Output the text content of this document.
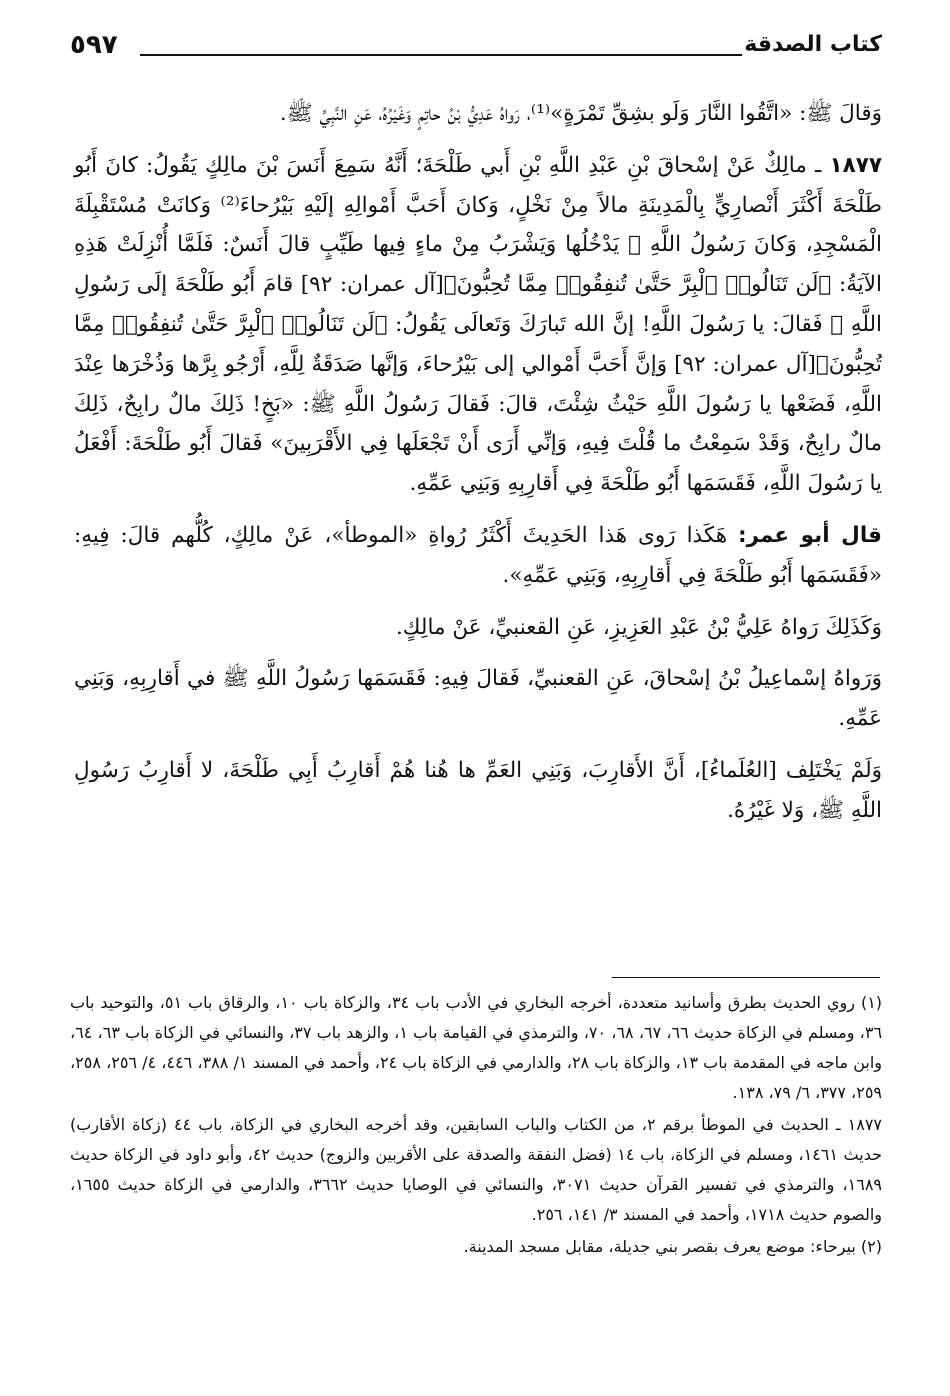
كتاب الصدقة
٥٩٧

وَقالَ ﷺ: «اتَّقُوا النَّارَ وَلَو بشِقِّ تَمْرَةٍ»⁽¹⁾، رَواهُ عَدِيُّ بْنُ حاتِمٍ وَغَيْرُهُ، عَنِ النَّبِيِّ ﷺ.

١٨٧٧ ـ مالِكٌ عَنْ إسْحاقَ بْنِ عَبْدِ اللَّهِ بْنِ أَبي طَلْحَةَ؛ أَنَّهُ سَمِعَ أَنَسَ بْنَ مالِكٍ يَقُولُ: كانَ أَبُو طَلْحَةَ أَكْثَرَ أَنْصارِيٍّ بِالْمَدِينَةِ مالاً مِنْ نَخْلٍ، وَكانَ أَحَبَّ أَمْوالِهِ إلَيْهِ بَيْرُحاءَ⁽²⁾ وَكانَتْ مُسْتَقْبِلَةَ الْمَسْجِدِ، وَكانَ رَسُولُ اللَّهِ ﷺ يَدْخُلُها وَيَشْرَبُ مِنْ ماءٍ فِيها طَيِّبٍ قالَ أَنَسٌ: فَلَمَّا أُنْزِلَتْ هَذِهِ الآيَةُ: ﴿لَن تَنَالُوا۟ ٱلْبِرَّ حَتَّىٰ تُنفِقُوا۟ مِمَّا تُحِبُّونَ﴾[آل عمران: ٩٢] قامَ أَبُو طَلْحَةَ إلَى رَسُولِ اللَّهِ ﷺ فَقالَ: يا رَسُولَ اللَّهِ! إنَّ الله تَبارَكَ وَتَعالَى يَقُولُ: ﴿لَن تَنَالُوا۟ ٱلْبِرَّ حَتَّىٰ تُنفِقُوا۟ مِمَّا تُحِبُّونَ﴾[آل عمران: ٩٢] وَإنَّ أَحَبَّ أَمْوالي إلى بَيْرُحاءَ، وَإنَّها صَدَقَةٌ لِلَّهِ، أَرْجُو بِرَّها وَذُخْرَها عِنْدَ اللَّهِ، فَضَعْها يا رَسُولَ اللَّهِ حَيْثُ شِئْتَ، قالَ: فَقالَ رَسُولُ اللَّهِ ﷺ: «بَخٍ! ذَلِكَ مالٌ رابِحٌ، ذَلِكَ مالٌ رابِحٌ، وَقَدْ سَمِعْتُ ما قُلْتَ فِيهِ، وَإنِّي أَرَى أَنْ تَجْعَلَها فِي الأَقْرَبِينَ» فَقالَ أَبُو طَلْحَةَ: أَفْعَلُ يا رَسُولَ اللَّهِ، فَقَسَمَها أَبُو طَلْحَةَ فِي أَقارِبِهِ وَبَنِي عَمِّهِ.

قال أبو عمر: هَكَذا رَوى هَذا الحَدِيثَ أَكْثَرُ رُواةِ «الموطأ»، عَنْ مالِكٍ، كُلُّهم قالَ: فِيهِ: «فَقَسَمَها أَبُو طَلْحَةَ فِي أَقارِبِهِ، وَبَنِي عَمِّهِ».

وَكَذَلِكَ رَواهُ عَلِيُّ بْنُ عَبْدِ العَزِيزِ، عَنِ القعنبيِّ، عَنْ مالِكٍ.

وَرَواهُ إسْماعِيلُ بْنُ إسْحاقَ، عَنِ القعنبيِّ، فَقالَ فِيهِ: فَقَسَمَها رَسُولُ اللَّهِ ﷺ في أَقارِبِهِ، وَبَنِي عَمِّهِ.

وَلَمْ يَخْتَلِف [العُلَماءُ]، أَنَّ الأَقارِبَ، وَبَنِي العَمِّ ها هُنا هُمْ أَقارِبُ أَبِي طَلْحَةَ، لا أَقارِبُ رَسُولِ اللَّهِ ﷺ، وَلا غَيْرُهُ.

(١) روي الحديث بطرق وأسانيد متعددة، أخرجه البخاري في الأدب باب ٣٤، والزكاة باب ١٠، والرقاق باب ٥١، والتوحيد باب ٣٦، ومسلم في الزكاة حديث ٦٦، ٦٧، ٦٨، ٧٠، والترمذي في القيامة باب ١، والزهد باب ٣٧، والنسائي في الزكاة باب ٦٣، ٦٤، وابن ماجه في المقدمة باب ١٣، والزكاة باب ٢٨، والدارمي في الزكاة باب ٢٤، وأحمد في المسند ١/ ٣٨٨، ٤٤٦، ٤/ ٢٥٦، ٢٥٨، ٢٥٩، ٣٧٧، ٦/ ٧٩، ١٣٨.

١٨٧٧ ـ الحديث في الموطأ برقم ٢، من الكتاب والباب السابقين، وقد أخرجه البخاري في الزكاة، باب ٤٤ (زكاة الأقارب) حديث ١٤٦١، ومسلم في الزكاة، باب ١٤ (فضل النفقة والصدقة على الأقربين والزوج) حديث ٤٢، وأبو داود في الزكاة حديث ١٦٨٩، والترمذي في تفسير القرآن حديث ٣٠٧١، والنسائي في الوصايا حديث ٣٦٦٢، والدارمي في الزكاة حديث ١٦٥٥، والصوم حديث ١٧١٨، وأحمد في المسند ٣/ ١٤١، ٢٥٦.

(٢) بيرحاء: موضع يعرف بقصر بني جديلة، مقابل مسجد المدينة.
